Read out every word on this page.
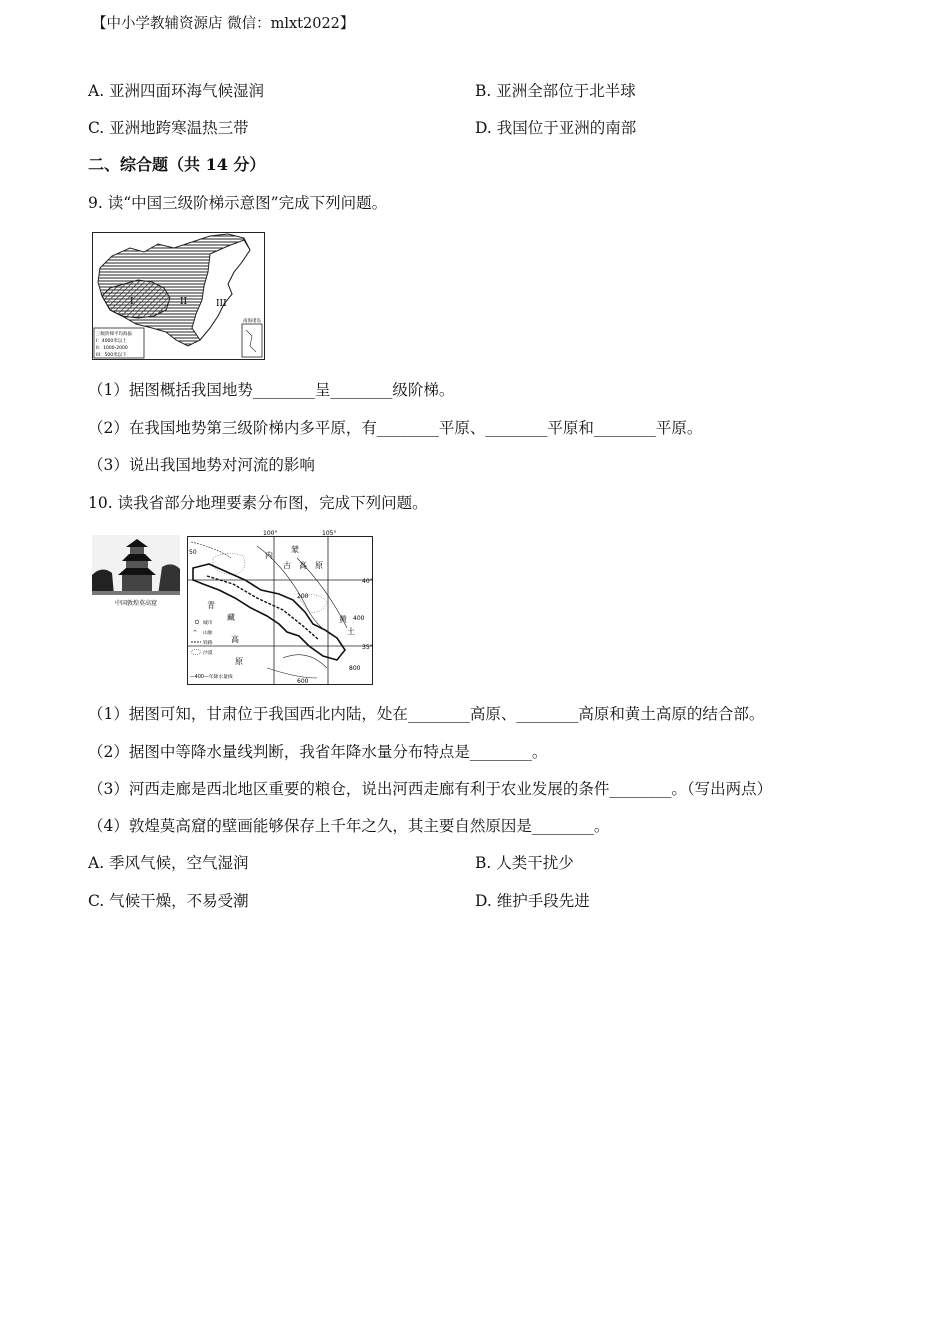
【中小学教辅资源店 微信：mlxt2022】
A. 亚洲四面环海气候湿润	B. 亚洲全部位于北半球
C. 亚洲地跨寒温热三带	D. 我国位于亚洲的南部
二、综合题（共 14 分）
9. 读“中国三级阶梯示意图”完成下列问题。
I	II	III
三级阶梯平均海拔
I：4000米以上
II：1000-2000
III：500米以下
南海诸岛
（1）据图概括我国地势________呈________级阶梯。
（2）在我国地势第三级阶梯内多平原，有________平原、________平原和________平原。
（3）说出我国地势对河流的影响
10. 读我省部分地理要素分布图，完成下列问题。
中国敦煌莫高窟
100°	105°
40°
35°
内
蒙
古 高 原
青
藏
高
原
黄
土
50
200
400
600
800
城市
^ 山脉
铁路
沙漠
—400—年降水量线
（1）据图可知，甘肃位于我国西北内陆，处在________高原、________高原和黄土高原的结合部。
（2）据图中等降水量线判断，我省年降水量分布特点是________。
（3）河西走廊是西北地区重要的粮仓，说出河西走廊有利于农业发展的条件________。（写出两点）
（4）敦煌莫高窟的壁画能够保存上千年之久，其主要自然原因是________。
A. 季风气候，空气湿润	B. 人类干扰少
C. 气候干燥，不易受潮	D. 维护手段先进
